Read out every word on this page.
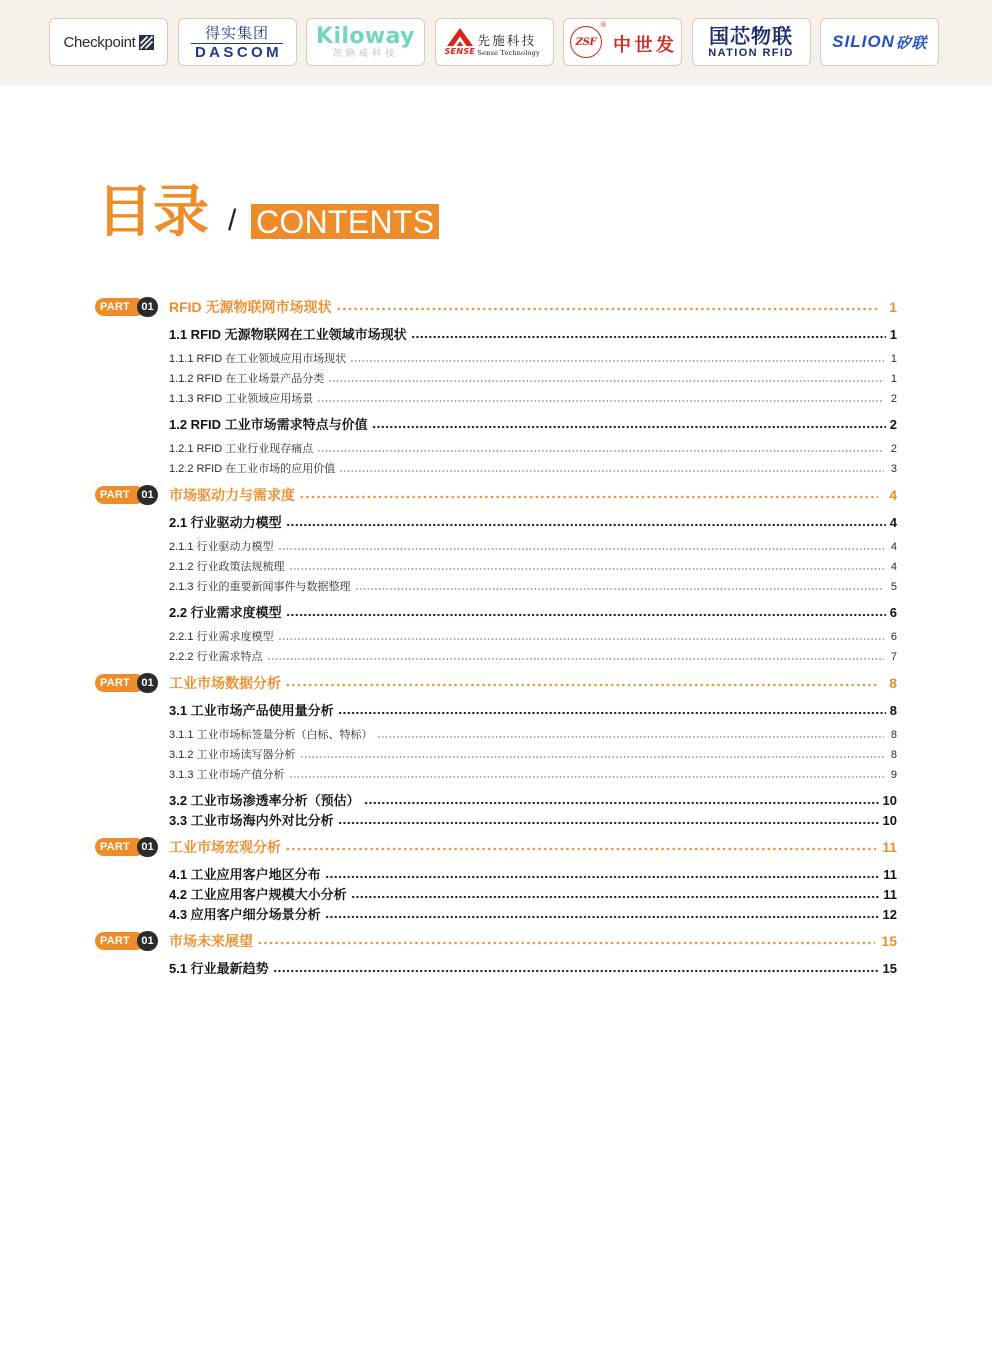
Checkpoint
得实集团
DASCOM
Kiloway
凯路威科技	SENSE
先施科技
Sense Technology
ZSF
®
中世发 国芯物联
NATION RFID
SILION 矽联
目录 / CONTENTS
PART	01	RFID 无源物联网市场现状	1
1.1 RFID 无源物联网在工业领域市场现状	1
1.1.1 RFID 在工业领域应用市场现状	1
1.1.2 RFID 在工业场景产品分类	1
1.1.3 RFID 工业领域应用场景	2
1.2 RFID 工业市场需求特点与价值	2
1.2.1 RFID 工业行业现存痛点	2
1.2.2 RFID 在工业市场的应用价值	3
PART	01	市场驱动力与需求度	4
2.1 行业驱动力模型	4
2.1.1 行业驱动力模型	4
2.1.2 行业政策法规梳理	4
2.1.3 行业的重要新闻事件与数据整理	5
2.2 行业需求度模型	6
2.2.1 行业需求度模型	6
2.2.2 行业需求特点	7
PART	01	工业市场数据分析	8
3.1 工业市场产品使用量分析	8
3.1.1 工业市场标签量分析（白标、特标）	8
3.1.2 工业市场读写器分析	8
3.1.3 工业市场产值分析	9
3.2 工业市场渗透率分析（预估）	10
3.3 工业市场海内外对比分析	10
PART	01	工业市场宏观分析	11
4.1 工业应用客户地区分布	11
4.2 工业应用客户规模大小分析	11
4.3 应用客户细分场景分析	12
PART	01	市场未来展望	15
5.1 行业最新趋势	15
